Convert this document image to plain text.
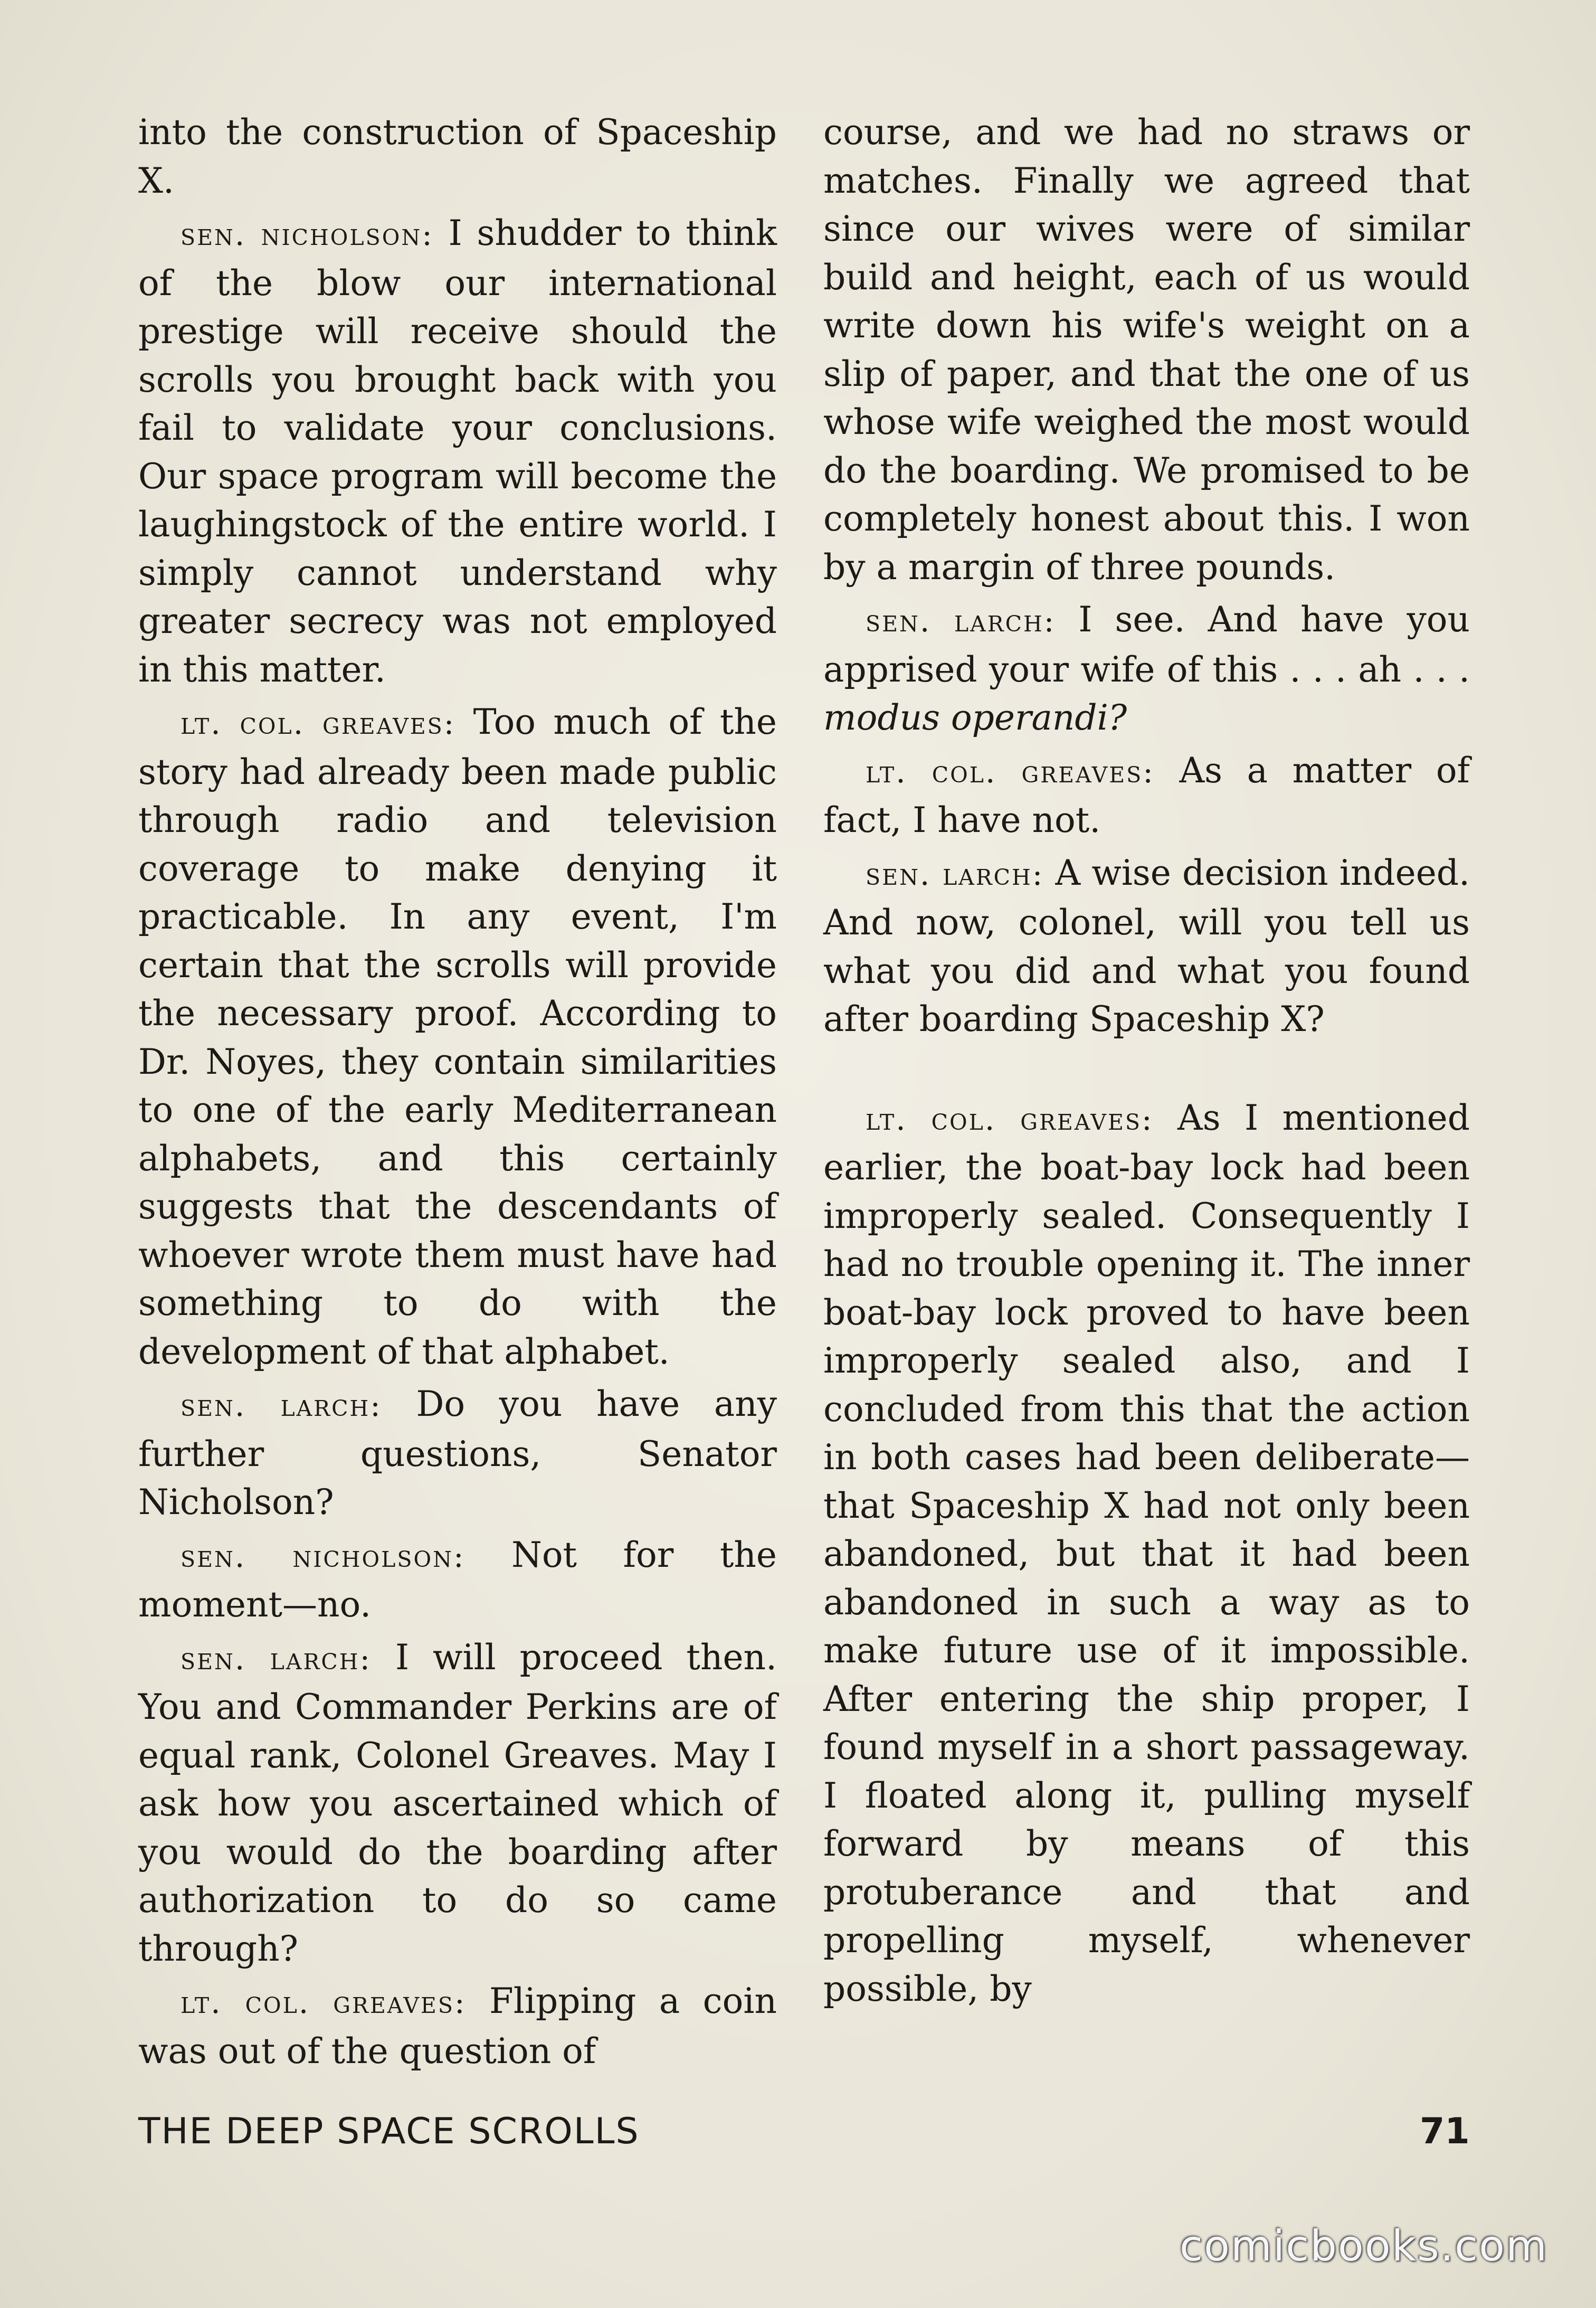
into the construction of Spaceship X.

sen. nicholson: I shudder to think of the blow our international prestige will receive should the scrolls you brought back with you fail to validate your conclusions. Our space program will become the laughingstock of the entire world. I simply cannot understand why greater secrecy was not employed in this matter.

lt. col. greaves: Too much of the story had already been made public through radio and television coverage to make denying it practicable. In any event, I'm certain that the scrolls will provide the necessary proof. According to Dr. Noyes, they contain similarities to one of the early Mediterranean alphabets, and this certainly suggests that the descendants of whoever wrote them must have had something to do with the development of that alphabet.

sen. larch: Do you have any further questions, Senator Nicholson?

sen. nicholson: Not for the moment—no.

sen. larch: I will proceed then. You and Commander Perkins are of equal rank, Colonel Greaves. May I ask how you ascertained which of you would do the boarding after authorization to do so came through?

lt. col. greaves: Flipping a coin was out of the question of

course, and we had no straws or matches. Finally we agreed that since our wives were of similar build and height, each of us would write down his wife's weight on a slip of paper, and that the one of us whose wife weighed the most would do the boarding. We promised to be completely honest about this. I won by a margin of three pounds.

sen. larch: I see. And have you apprised your wife of this . . . ah . . . modus operandi?

lt. col. greaves: As a matter of fact, I have not.

sen. larch: A wise decision indeed. And now, colonel, will you tell us what you did and what you found after boarding Spaceship X?

lt. col. greaves: As I mentioned earlier, the boat-bay lock had been improperly sealed. Consequently I had no trouble opening it. The inner boat-bay lock proved to have been improperly sealed also, and I concluded from this that the action in both cases had been deliberate—that Spaceship X had not only been abandoned, but that it had been abandoned in such a way as to make future use of it impossible. After entering the ship proper, I found myself in a short passageway. I floated along it, pulling myself forward by means of this protuberance and that and propelling myself, whenever possible, by

THE DEEP SPACE SCROLLS	71
comicbooks.com
